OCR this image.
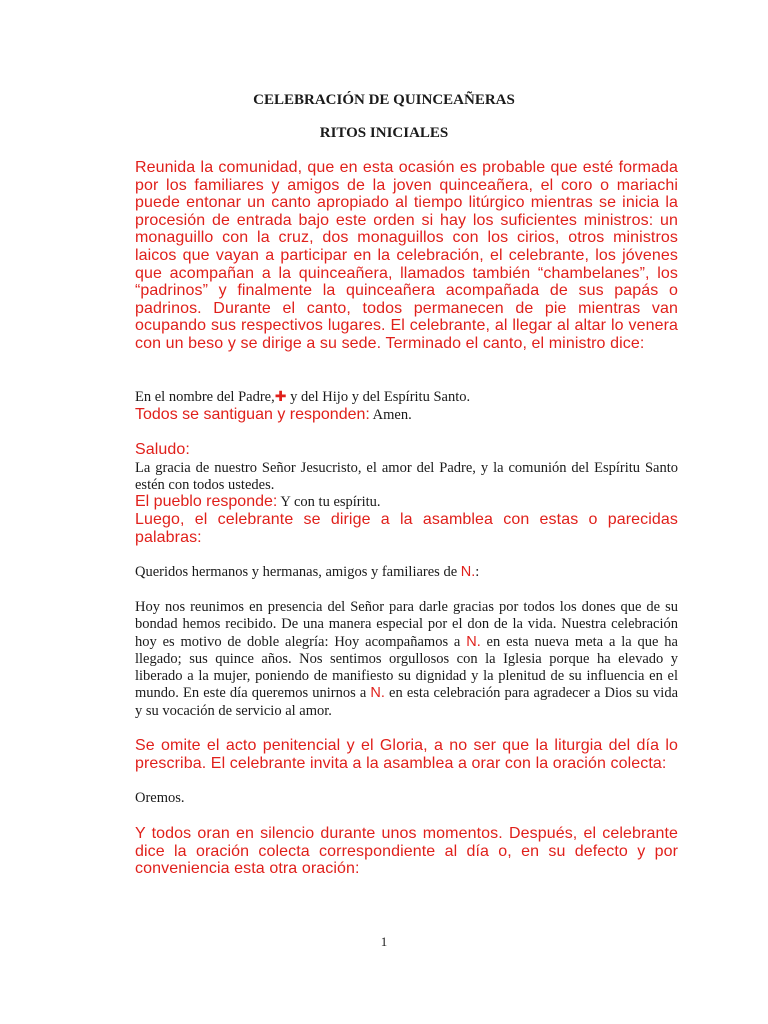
CELEBRACIÓN DE QUINCEAÑERAS
RITOS INICIALES

Reunida la comunidad, que en esta ocasión es probable que esté formada por los familiares y amigos de la joven quinceañera, el coro o mariachi puede entonar un canto apropiado al tiempo litúrgico mientras se inicia la procesión de entrada bajo este orden si hay los suficientes ministros: un monaguillo con la cruz, dos monaguillos con los cirios, otros ministros laicos que vayan a participar en la celebración, el celebrante, los jóvenes que acompañan a la quinceañera, llamados también “chambelanes”, los “padrinos” y finalmente la quinceañera acompañada de sus papás o padrinos. Durante el canto, todos permanecen de pie mientras van ocupando sus respectivos lugares. El celebrante, al llegar al altar lo venera con un beso y se dirige a su sede. Terminado el canto, el ministro dice:

En el nombre del Padre,✚ y del Hijo y del Espíritu Santo.

Todos se santiguan y responden: Amen.

Saludo:

La gracia de nuestro Señor Jesucristo, el amor del Padre, y la comunión del Espíritu Santo estén con todos ustedes.

El pueblo responde: Y con tu espíritu.

Luego, el celebrante se dirige a la asamblea con estas o parecidas palabras:

Queridos hermanos y hermanas, amigos y familiares de N.:

Hoy nos reunimos en presencia del Señor para darle gracias por todos los dones que de su bondad hemos recibido. De una manera especial por el don de la vida. Nuestra celebración hoy es motivo de doble alegría: Hoy acompañamos a N. en esta nueva meta a la que ha llegado; sus quince años. Nos sentimos orgullosos con la Iglesia porque ha elevado y liberado a la mujer, poniendo de manifiesto su dignidad y la plenitud de su influencia en el mundo. En este día queremos unirnos a N. en esta celebración para agradecer a Dios su vida y su vocación de servicio al amor.

Se omite el acto penitencial y el Gloria, a no ser que la liturgia del día lo prescriba. El celebrante invita a la asamblea a orar con la oración colecta:

Oremos.

Y todos oran en silencio durante unos momentos. Después, el celebrante dice la oración colecta correspondiente al día o, en su defecto y por conveniencia esta otra oración:

1
